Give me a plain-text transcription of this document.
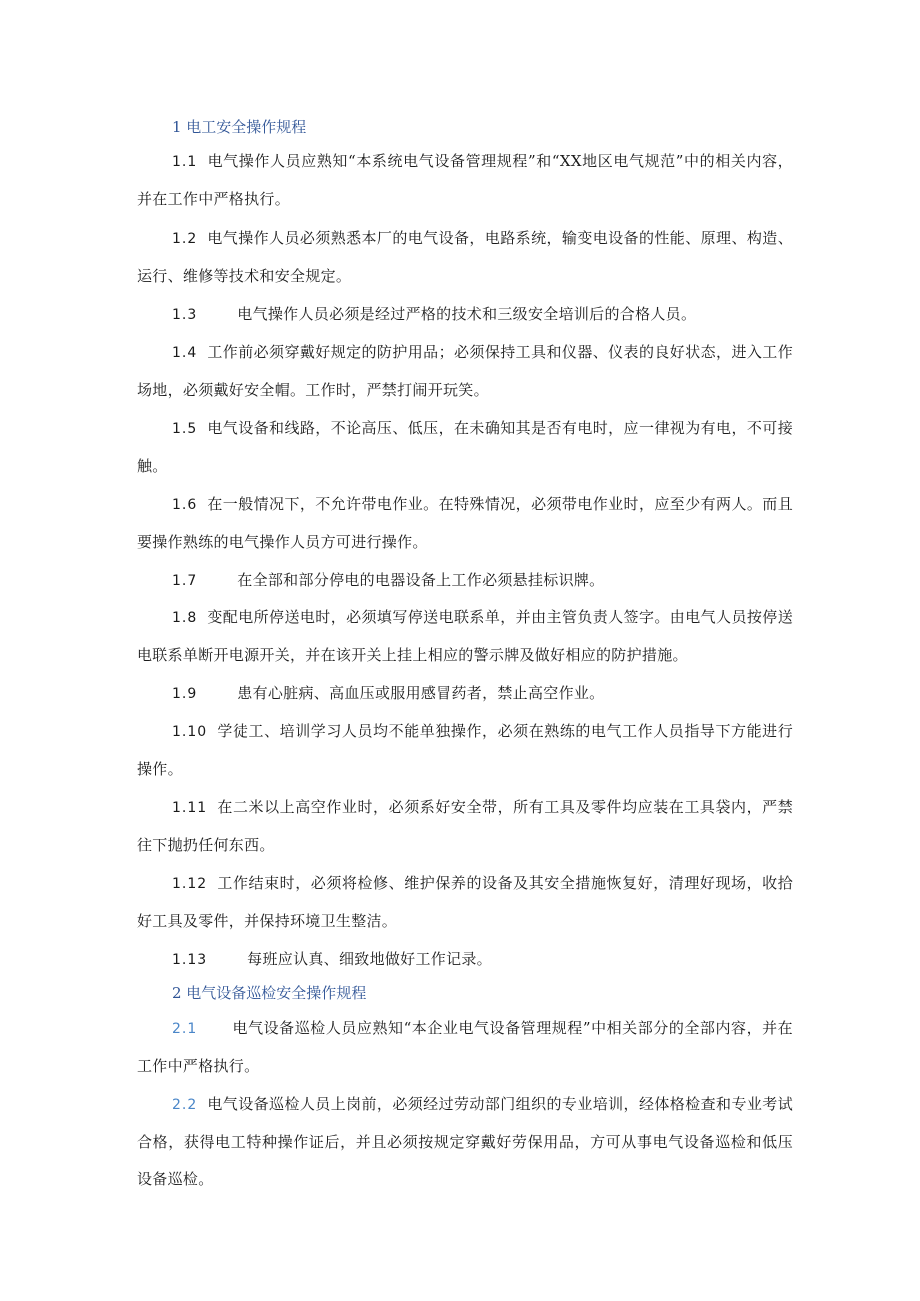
1 电工安全操作规程

1.1 电气操作人员应熟知“本系统电气设备管理规程”和“XX地区电气规范”中的相关内容，并在工作中严格执行。

1.2 电气操作人员必须熟悉本厂的电气设备，电路系统，输变电设备的性能、原理、构造、运行、维修等技术和安全规定。

1.3	电气操作人员必须是经过严格的技术和三级安全培训后的合格人员。

1.4 工作前必须穿戴好规定的防护用品；必须保持工具和仪器、仪表的良好状态，进入工作场地，必须戴好安全帽。工作时，严禁打闹开玩笑。

1.5 电气设备和线路，不论高压、低压，在未确知其是否有电时，应一律视为有电，不可接触。

1.6 在一般情况下，不允许带电作业。在特殊情况，必须带电作业时，应至少有两人。而且要操作熟练的电气操作人员方可进行操作。

1.7	在全部和部分停电的电器设备上工作必须悬挂标识牌。

1.8 变配电所停送电时，必须填写停送电联系单，并由主管负责人签字。由电气人员按停送电联系单断开电源开关，并在该开关上挂上相应的警示牌及做好相应的防护措施。

1.9	患有心脏病、高血压或服用感冒药者，禁止高空作业。

1.10 学徒工、培训学习人员均不能单独操作，必须在熟练的电气工作人员指导下方能进行操作。

1.11 在二米以上高空作业时，必须系好安全带，所有工具及零件均应装在工具袋内，严禁往下抛扔任何东西。

1.12 工作结束时，必须将检修、维护保养的设备及其安全措施恢复好，清理好现场，收拾好工具及零件，并保持环境卫生整洁。

1.13	每班应认真、细致地做好工作记录。

2 电气设备巡检安全操作规程

2.1 电气设备巡检人员应熟知“本企业电气设备管理规程”中相关部分的全部内容，并在工作中严格执行。

2.2 电气设备巡检人员上岗前，必须经过劳动部门组织的专业培训，经体格检查和专业考试合格，获得电工特种操作证后，并且必须按规定穿戴好劳保用品，方可从事电气设备巡检和低压设备巡检。
